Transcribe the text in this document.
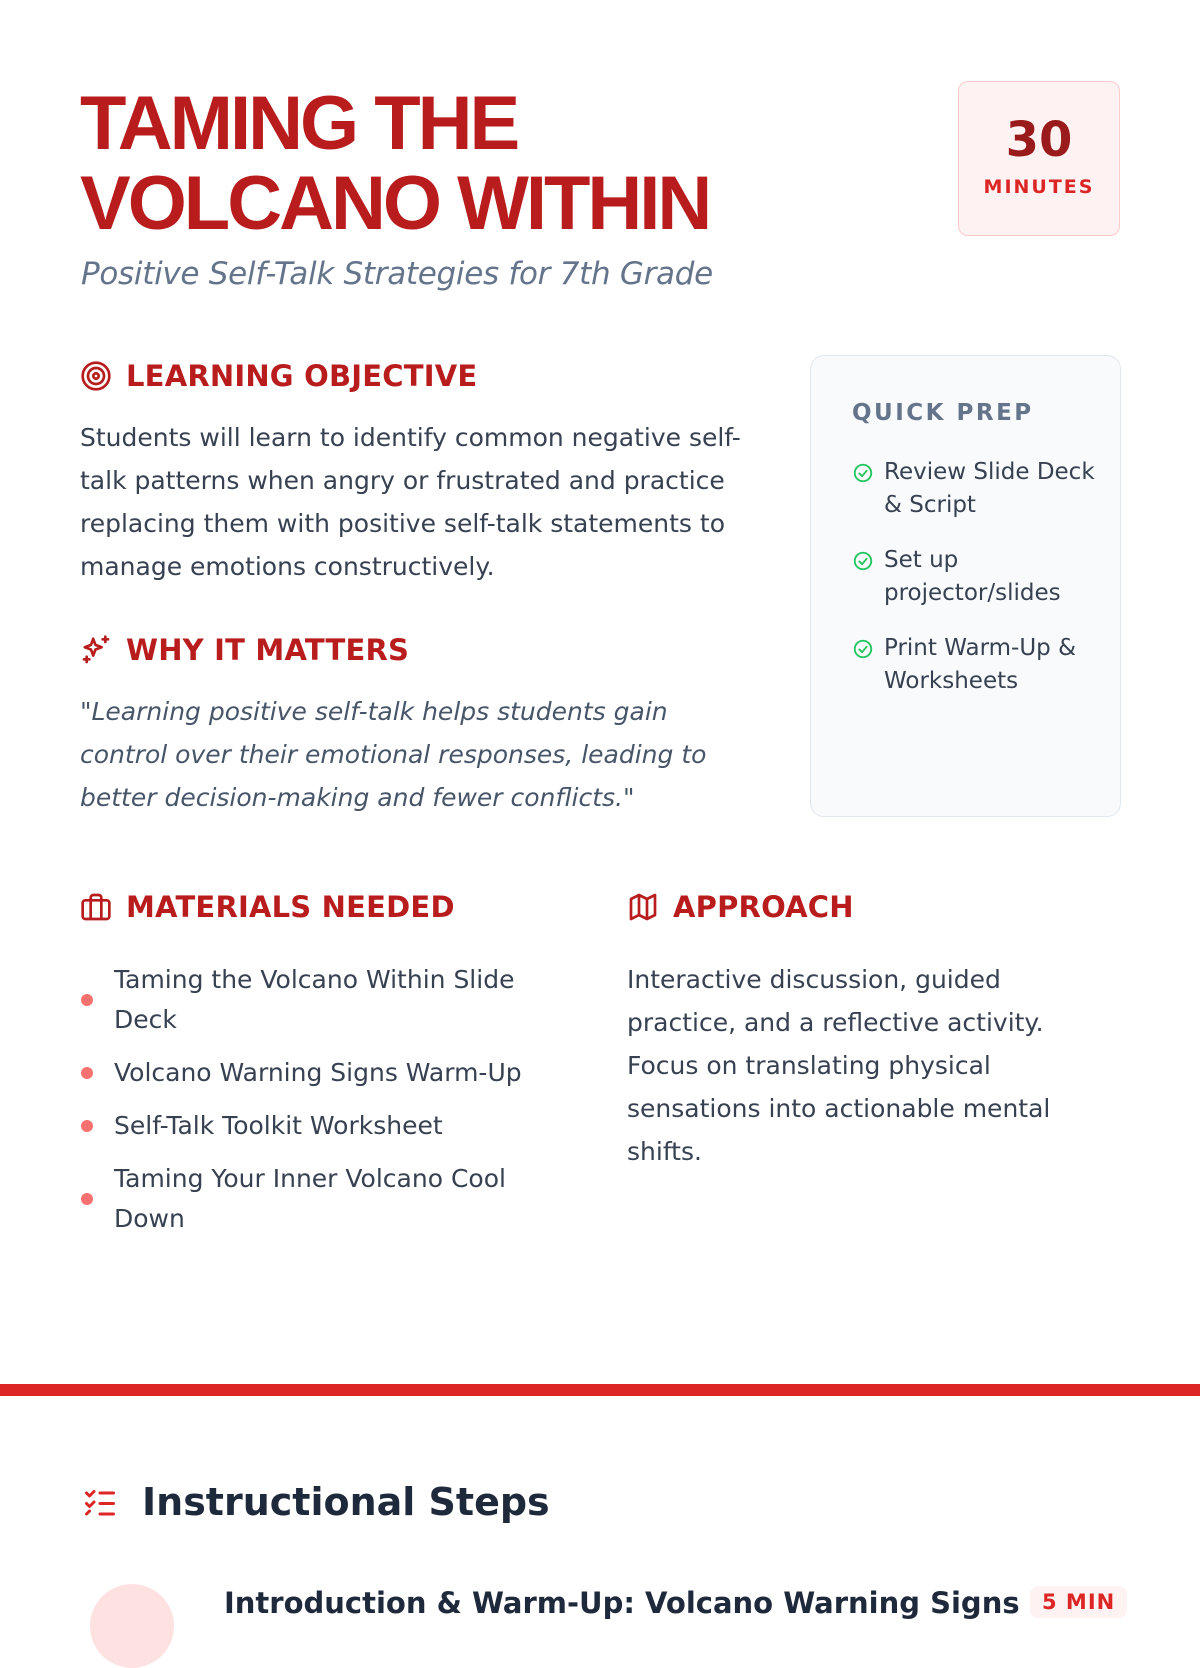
TAMING THE
VOLCANO WITHIN
Positive Self-Talk Strategies for 7th Grade
30
MINUTES
LEARNING OBJECTIVE

Students will learn to identify common negative self-talk patterns when angry or frustrated and practice replacing them with positive self-talk statements to manage emotions constructively.

WHY IT MATTERS

"Learning positive self-talk helps students gain control over their emotional responses, leading to better decision-making and fewer conflicts."

QUICK PREP
Review Slide Deck & Script
Set up projector/slides
Print Warm-Up & Worksheets
MATERIALS NEEDED
Taming the Volcano Within Slide Deck
Volcano Warning Signs Warm-Up
Self-Talk Toolkit Worksheet
Taming Your Inner Volcano Cool Down
APPROACH

Interactive discussion, guided practice, and a reflective activity. Focus on translating physical sensations into actionable mental shifts.

Instructional Steps
Introduction & Warm-Up: Volcano Warning Signs	5 MIN
